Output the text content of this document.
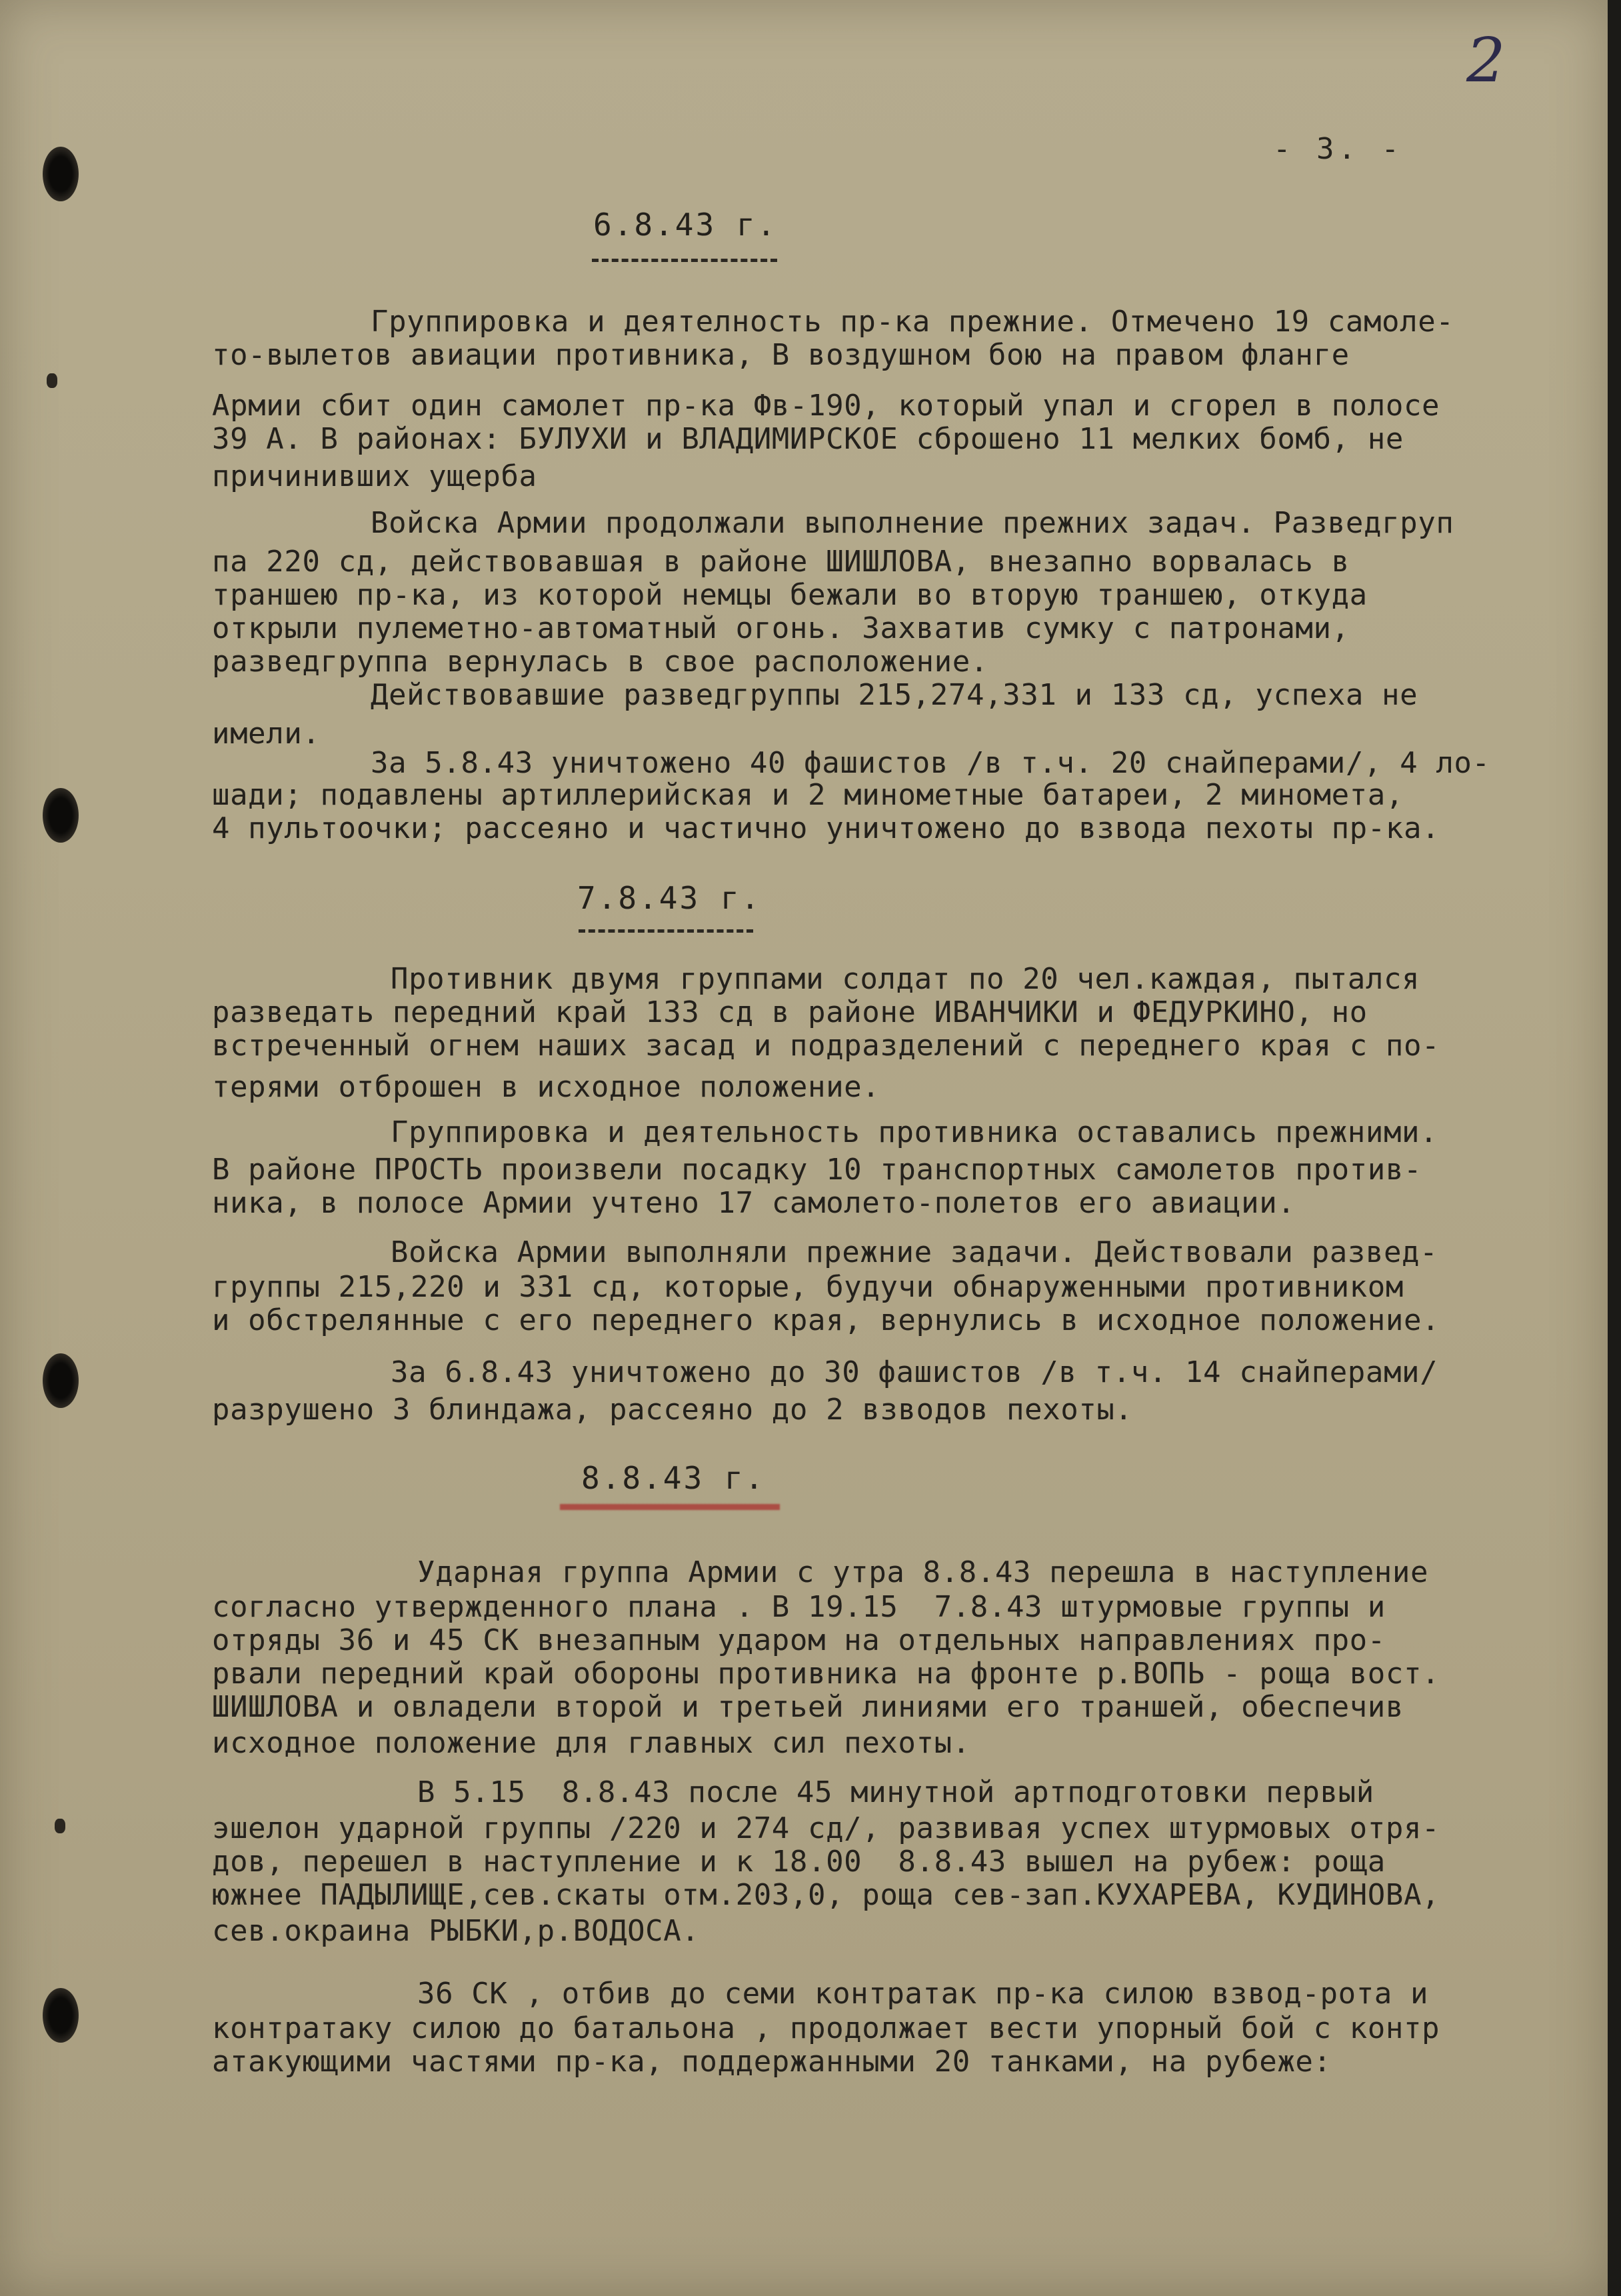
2
- 3. -
6.8.43 г.
Группировка и деятелность пр-ка прежние. Отмечено 19 самоле-
то-вылетов авиации противника, В воздушном бою на правом фланге
Армии сбит один самолет пр-ка Фв-190, который упал и сгорел в полосе
39 А. В районах: БУЛУХИ и ВЛАДИМИРСКОЕ сброшено 11 мелких бомб, не
причинивших ущерба
Войска Армии продолжали выполнение прежних задач. Разведгруп
па 220 сд, действовавшая в районе ШИШЛОВА, внезапно ворвалась в
траншею пр-ка, из которой немцы бежали во вторую траншею, откуда
открыли пулеметно-автоматный огонь. Захватив сумку с патронами,
разведгруппа вернулась в свое расположение.
Действовавшие разведгруппы 215,274,331 и 133 сд, успеха не
имели.
За 5.8.43 уничтожено 40 фашистов /в т.ч. 20 снайперами/, 4 ло-
шади; подавлены артиллерийская и 2 минометные батареи, 2 миномета,
4 пультоочки; рассеяно и частично уничтожено до взвода пехоты пр-ка.
7.8.43 г.
Противник двумя группами солдат по 20 чел.каждая, пытался
разведать передний край 133 сд в районе ИВАНЧИКИ и ФЕДУРКИНО, но
встреченный огнем наших засад и подразделений с переднего края с по-
терями отброшен в исходное положение.
Группировка и деятельность противника оставались прежними.
В районе ПРОСТЬ произвели посадку 10 транспортных самолетов против-
ника, в полосе Армии учтено 17 самолето-полетов его авиации.
Войска Армии выполняли прежние задачи. Действовали развед-
группы 215,220 и 331 сд, которые, будучи обнаруженными противником
и обстрелянные с его переднего края, вернулись в исходное положение.
За 6.8.43 уничтожено до 30 фашистов /в т.ч. 14 снайперами/
разрушено 3 блиндажа, рассеяно до 2 взводов пехоты.
8.8.43 г.
Ударная группа Армии с утра 8.8.43 перешла в наступление
согласно утвержденного плана . В 19.15  7.8.43 штурмовые группы и
отряды 36 и 45 СК внезапным ударом на отдельных направлениях про-
рвали передний край обороны противника на фронте р.ВОПЬ - роща вост.
ШИШЛОВА и овладели второй и третьей линиями его траншей, обеспечив
исходное положение для главных сил пехоты.
В 5.15  8.8.43 после 45 минутной артподготовки первый
эшелон ударной группы /220 и 274 сд/, развивая успех штурмовых отря-
дов, перешел в наступление и к 18.00  8.8.43 вышел на рубеж: роща
южнее ПАДЫЛИЩЕ,сев.скаты отм.203,0, роща сев-зап.КУХАРЕВА, КУДИНОВА,
сев.окраина РЫБКИ,р.ВОДОСА.
36 СК , отбив до семи контратак пр-ка силою взвод-рота и
контратаку силою до батальона , продолжает вести упорный бой с контр
атакующими частями пр-ка, поддержанными 20 танками, на рубеже:
